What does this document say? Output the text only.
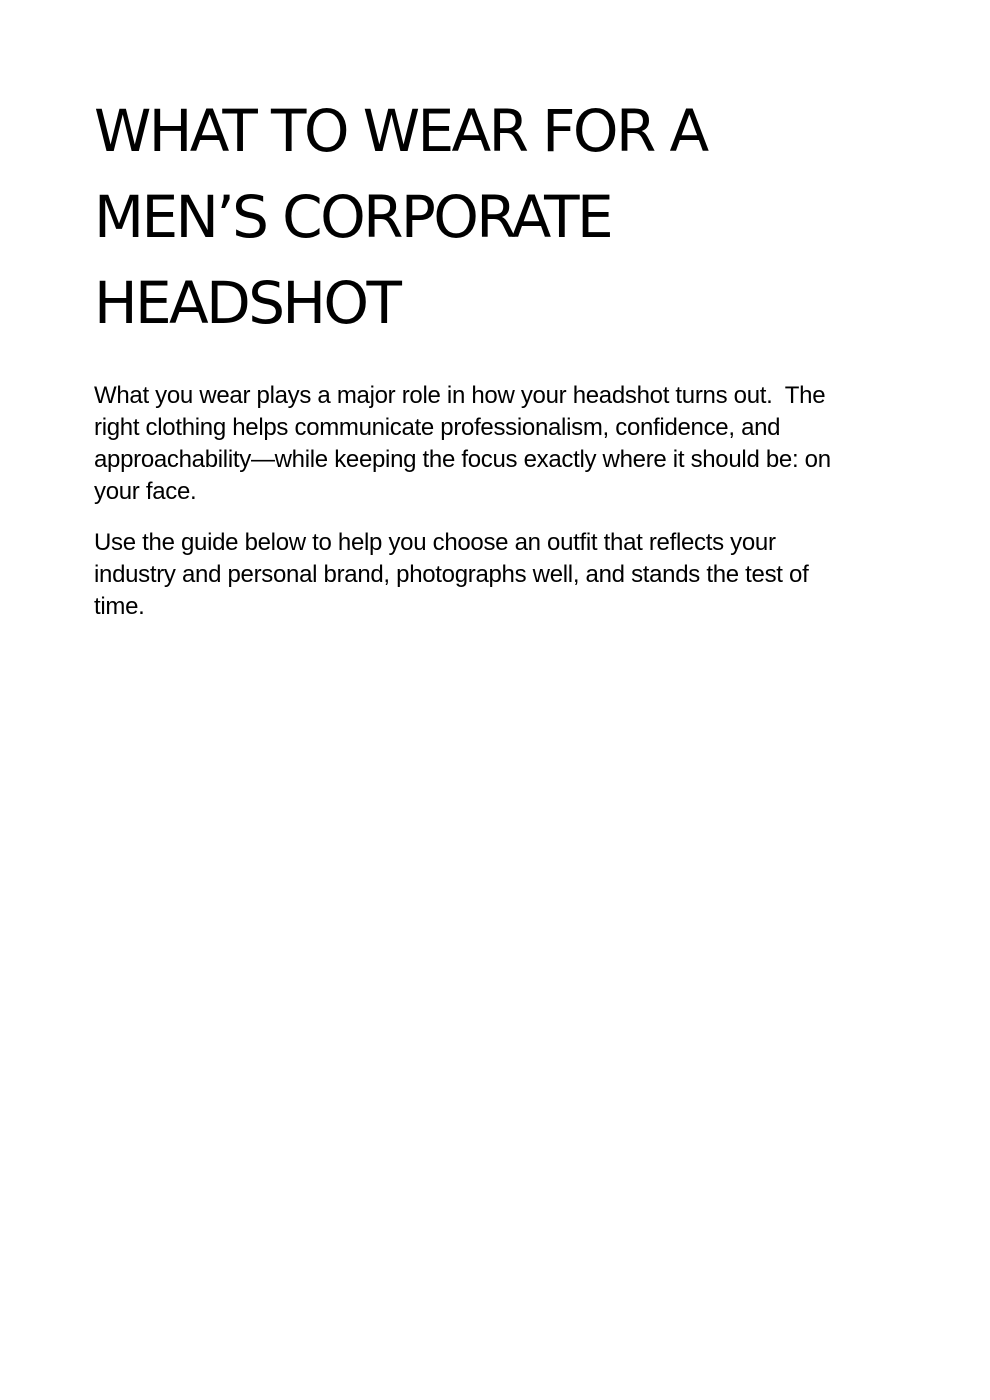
WHAT TO WEAR FOR A
MEN’S CORPORATE
HEADSHOT

What you wear plays a major role in how your headshot turns out.  The
right clothing helps communicate professionalism, confidence, and
approachability—while keeping the focus exactly where it should be: on
your face.

Use the guide below to help you choose an outfit that reflects your
industry and personal brand, photographs well, and stands the test of
time.
